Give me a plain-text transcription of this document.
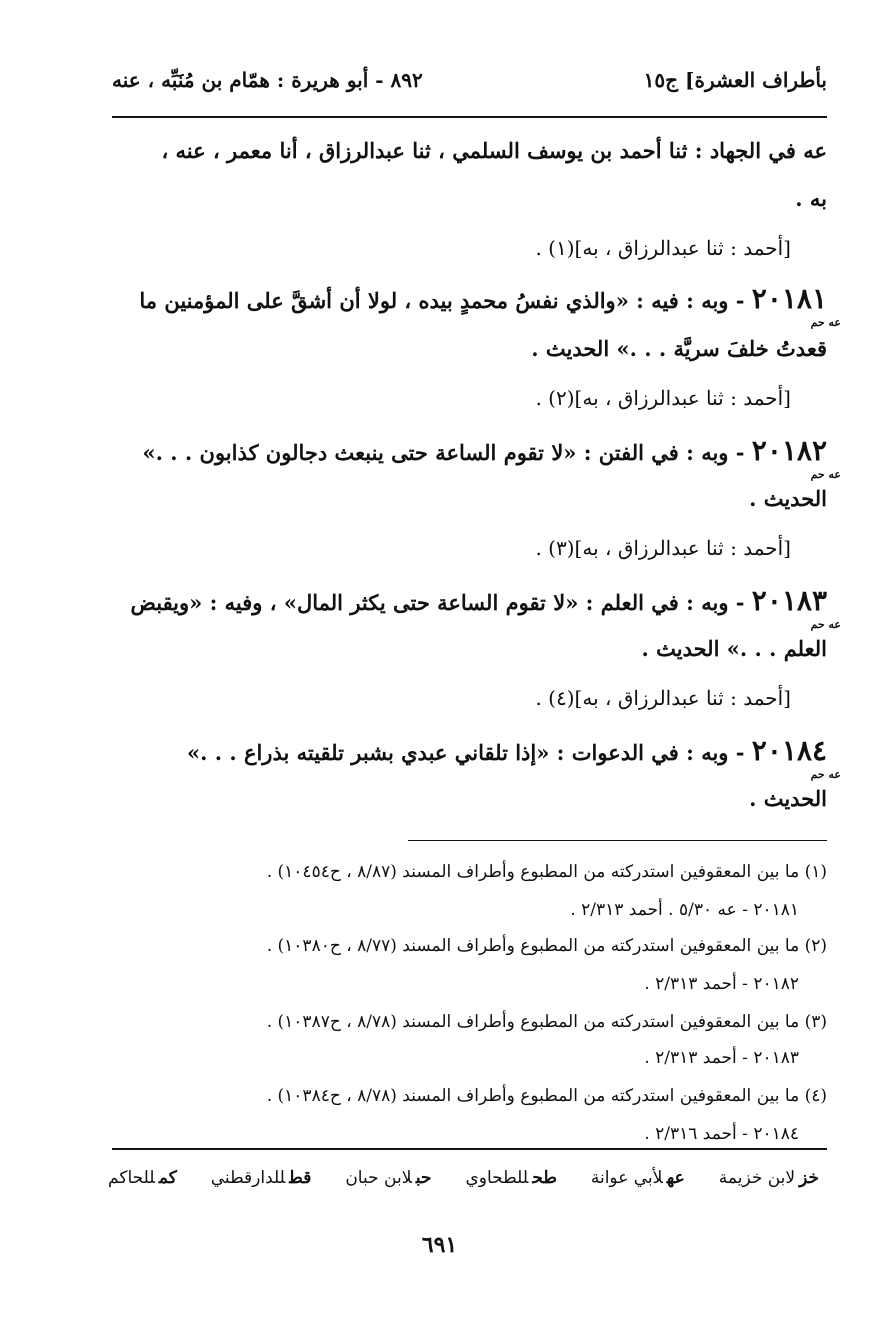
بأطراف العشرة] ج١٥
٨٩٢ - أبو هريرة : همّام بن مُنَبِّه ، عنه
عه في الجهاد : ثنا أحمد بن يوسف السلمي ، ثنا عبدالرزاق ، أنا معمر ، عنه ،
به .
[أحمد : ثنا عبدالرزاق ، به](١) .
٢٠١٨١ - وبه : فيه : «والذي نفسُ محمدٍ بيده ، لولا أن أشقَّ على المؤمنين ما
عه حم
قعدتُ خلفَ سريَّة . . .» الحديث .
[أحمد : ثنا عبدالرزاق ، به](٢) .
٢٠١٨٢ - وبه : في الفتن : «لا تقوم الساعة حتى ينبعث دجالون كذابون . . .»
عه حم
الحديث .
[أحمد : ثنا عبدالرزاق ، به](٣) .
٢٠١٨٣ - وبه : في العلم : «لا تقوم الساعة حتى يكثر المال» ، وفيه : «ويقبض
عه حم
العلم . . .» الحديث .
[أحمد : ثنا عبدالرزاق ، به](٤) .
٢٠١٨٤ - وبه : في الدعوات : «إذا تلقاني عبدي بشبر تلقيته بذراع . . .»
عه حم
الحديث .
(١) ما بين المعقوفين استدركته من المطبوع وأطراف المسند (٨/٨٧ ، ح١٠٤٥٤) .
٢٠١٨١ - عه ٥/٣٠ . أحمد ٢/٣١٣ .
(٢) ما بين المعقوفين استدركته من المطبوع وأطراف المسند (٨/٧٧ ، ح١٠٣٨٠) .
٢٠١٨٢ - أحمد ٢/٣١٣ .
(٣) ما بين المعقوفين استدركته من المطبوع وأطراف المسند (٨/٧٨ ، ح١٠٣٨٧) .
٢٠١٨٣ - أحمد ٢/٣١٣ .
(٤) ما بين المعقوفين استدركته من المطبوع وأطراف المسند (٨/٧٨ ، ح١٠٣٨٤) .
٢٠١٨٤ - أحمد ٢/٣١٦ .
خزلابن خزيمة
عهلأبي عوانة
طحللطحاوي
حبلابن حبان
قطللدارقطني
كمللحاكم
٦٩١
